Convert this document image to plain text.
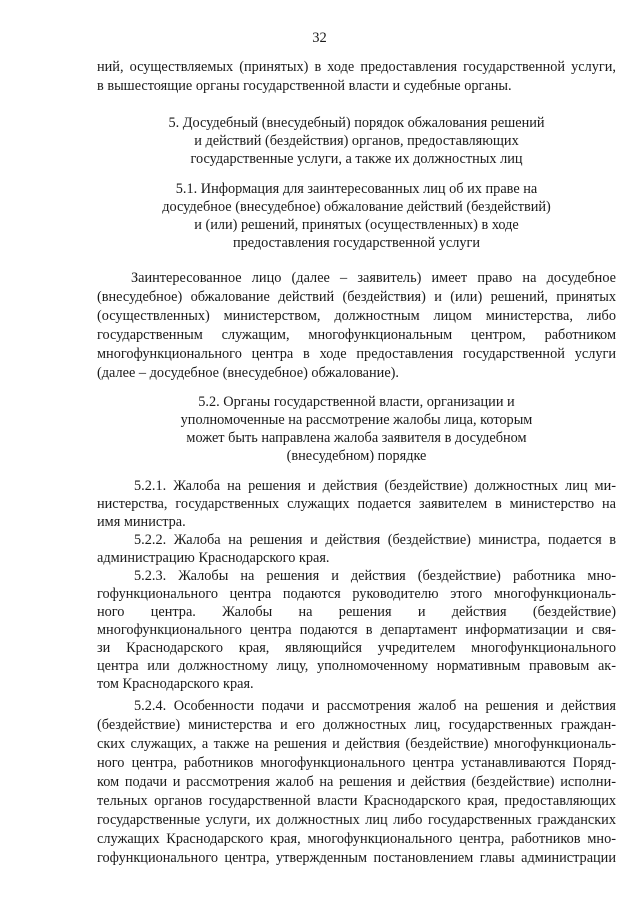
32
ний, осуществляемых (принятых) в ходе предоставления государственной услуги,
в вышестоящие органы государственной власти и судебные органы.
5. Досудебный (внесудебный) порядок обжалования решений
и действий (бездействия) органов, предоставляющих
государственные услуги, а также их должностных лиц
5.1. Информация для заинтересованных лиц об их праве на
досудебное (внесудебное) обжалование действий (бездействий)
и (или) решений, принятых (осуществленных) в ходе
предоставления государственной услуги
Заинтересованное лицо (далее – заявитель) имеет право на досудебное
(внесудебное) обжалование действий (бездействия) и (или) решений, принятых
(осуществленных) министерством, должностным лицом министерства, либо
государственным служащим, многофункциональным центром, работником
многофункционального центра в ходе предоставления государственной услуги
(далее – досудебное (внесудебное) обжалование).
5.2. Органы государственной власти, организации и
уполномоченные на рассмотрение жалобы лица, которым
может быть направлена жалоба заявителя в досудебном
(внесудебном) порядке
5.2.1. Жалоба на решения и действия (бездействие) должностных лиц ми-
нистерства, государственных служащих подается заявителем в министерство на
имя министра.
5.2.2. Жалоба на решения и действия (бездействие) министра, подается в
администрацию Краснодарского края.
5.2.3. Жалобы на решения и действия (бездействие) работника мно-
гофункционального центра подаются руководителю этого многофункциональ-
ного центра. Жалобы на решения и действия (бездействие)
многофункционального центра подаются в департамент информатизации и свя-
зи Краснодарского края, являющийся учредителем многофункционального
центра или должностному лицу, уполномоченному нормативным правовым ак-
том Краснодарского края.
5.2.4. Особенности подачи и рассмотрения жалоб на решения и действия
(бездействие) министерства и его должностных лиц, государственных граждан-
ских служащих, а также на решения и действия (бездействие) многофункциональ-
ного центра, работников многофункционального центра устанавливаются Поряд-
ком подачи и рассмотрения жалоб на решения и действия (бездействие) исполни-
тельных органов государственной власти Краснодарского края, предоставляющих
государственные услуги, их должностных лиц либо государственных гражданских
служащих Краснодарского края, многофункционального центра, работников мно-
гофункционального центра, утвержденным постановлением главы администрации
